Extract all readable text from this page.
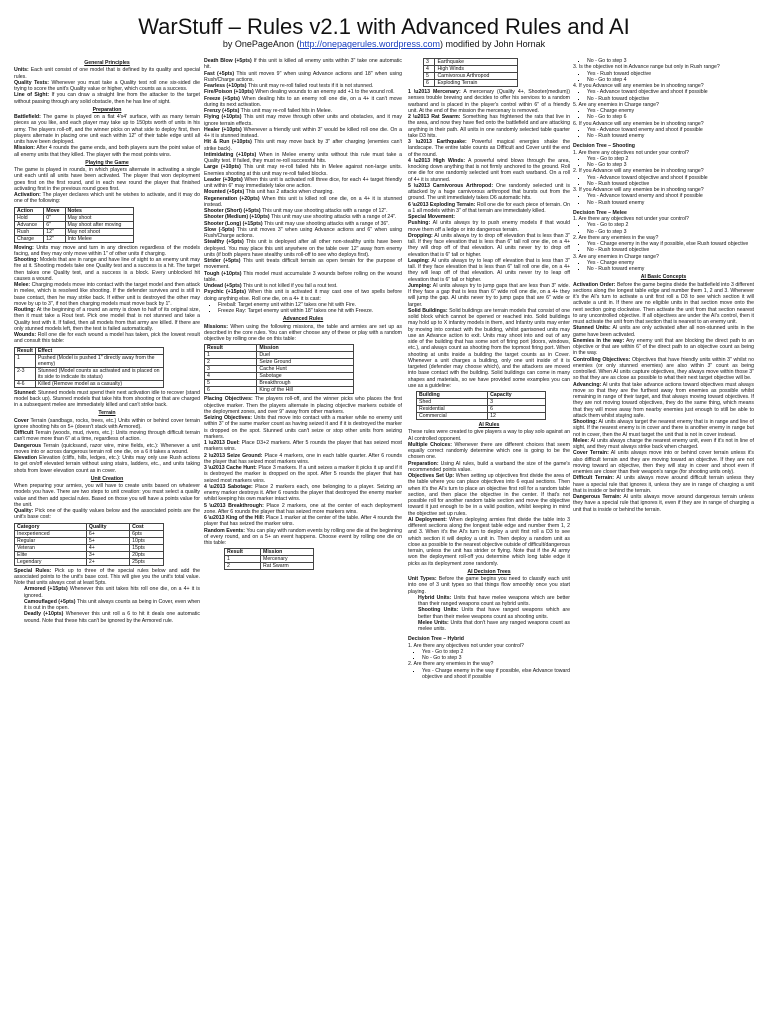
WarStuff – Rules v2.1 with Advanced Rules and AI
by OnePageAnon (http://onepagerules.wordpress.com) modified by John Hornak
General Principles

Units: Each unit consist of one model that is defined by its quality and special rules.

Quality Tests: Whenever you must take a Quality test roll one six-sided die trying to score the unit's Quality value or higher, which counts as a success.

Line of Sight: If you can draw a straight line from the attacker to the target without passing through any solid obstacle, then he has line of sight.

Preparation

Battlefield: The game is played on a flat 4'x4' surface, with as many terrain pieces as you like, and each player may take up to 150pts worth of units in his army. The players roll-off, and the winner picks on what side to deploy first, then players alternate in placing one unit each within 12" of their table edge until all units have been deployed.

Mission: After 4 rounds the game ends, and both players sum the point value of all enemy units that they killed. The player with the most points wins.

Playing the Game

The game is played in rounds, in which players alternate in activating a single unit each until all units have been activated. The player that won deployment goes first on the first round, and in each new round the player that finished activating first in the previous round goes first.

Activation: The player declares which unit he wishes to activate, and it may do one of the following:

Action	Move	Notes
Hold	0"	May shoot
Advance	6"	May shoot after moving
Rush	12"	May not shoot
Charge	12"	Into Melee

Moving: Units may move and turn in any direction regardless of the models facing, and they may only move within 1" of other units if charging.

Shooting: Models that are in range and have line of sight to an enemy unit may fire at it. Shooting models take one Quality test and a success is a hit. The target then takes one Quality test, and a success is a block. Every unblocked hit causes a wound.

Melee: Charging models move into contact with the target model and then attack in melee, which is resolved like shooting. If the defender survives and is still in base contact, then he may strike back. If either unit is destroyed the other may move by up to 3", if not then charging models must move back by 1".

Routing: At the beginning of a round an army is down to half of its original size, then it must take a Rout test. Pick one model that is not stunned and take a Quality test with it. If failed, then all models from that army are killed. If there are only stunned models left, then the test is failed automatically.

Wounds: Roll one die for each wound a model has taken, pick the lowest result and consult this table:

Result	Effect
1	Pushed (Model is pushed 1" directly away from the enemy)
2-3	Stunned (Model counts as activated and is placed on its side to indicate its status)
4-6	Killed (Remove model as a casualty)

Stunned: Stunned models must spend their next activation idle to recover (stand model back up). Stunned models that take hits from shooting or that are charged in a subsequent melee are immediately killed and can't strike back.

Terrain

Cover Terrain (sandbags, rocks, trees, etc.) Units within or behind cover terrain ignore shooting hits on 5+ (doesn't stack with Armored).

Difficult Terrain (woods, mud, rivers, etc.): Units moving through difficult terrain can't move more than 6" at a time, regardless of action.

Dangerous Terrain (quicksand, razor wire, mine fields, etc.): Whenever a unit moves into or across dangerous terrain roll one die, on a 6 it takes a wound.

Elevation Elevation (cliffs, hills, ledges, etc.): Units may only use Rush actions to get on/off elevated terrain without using stairs, ladders, etc., and units taking shots from lower elevation count as in cover.

Unit Creation

When preparing your armies, you will have to create units based on whatever models you have. There are two steps to unit creation: you must select a quality value and then add special rules. Based on those you will have a points value for the unit.

Quality: Pick one of the quality values below and the associated points are the unit's base cost:

Category	Quality	Cost
Inexperienced	6+	6pts
Regular	5+	10pts
Veteran	4+	15pts
Elite	3+	20pts
Legendary	2+	25pts

Special Rules: Pick up to three of the special rules below and add the associated points to the unit's base cost. This will give you the unit's total value. Note that units always cost at least 5pts.

Armored (+15pts) Whenever this unit takes hits roll one die, on a 4+ it is ignored.

Camouflaged (+5pts) This unit always counts as being in Cover, even when it is out in the open.

Deadly (+10pts) Whenever this unit roll a 6 to hit it deals one automatic wound. Note that these hits can't be ignored by the Armored rule.

Death Blow (+5pts) If this unit is killed all enemy units within 3" take one automatic hit.

Fast (+5pts) This unit moves 9" when using Advance actions and 18" when using Rush/Charge actions.

Fearless (+10pts) This unit may re-roll failed rout tests if it is not stunned.

Fire/Poison (+10pts) When dealing wounds to an enemy add +1 to the wound roll.

Freeze (+5pts) When dealing hits to an enemy roll one die, on a 4+ it can't move during its next activation.

Frenzy (+5pts) This unit may re-roll failed hits in Melee.

Flying (+10pts) This unit may move through other units and obstacles, and it may ignore terrain effects.

Healer (+10pts) Whenever a friendly unit within 3" would be killed roll one die. On a 4+ it is stunned instead.

Hit & Run (+10pts) This unit may move back by 3" after charging (enemies can't strike back).

Intimidating (+10pts) When in Melee enemy units without this rule must take a Quality test. If failed, they must re-roll successful hits.

Large (+10pts) This unit may re-roll failed hits in Melee against non-large units. Enemies shooting at this unit may re-roll failed blocks.

Leader (+30pts) When this unit is activated roll three dice, for each 4+ target friendly unit within 6" may immediately take one action.

Mounted (+5pts) This unit has 2 attacks when charging.

Regeneration (+20pts) When this unit is killed roll one die, on a 4+ it is stunned instead.

Shooter (Short) (+5pts) This unit may use shooting attacks with a range of 12".

Shooter (Medium) (+10pts) This unit may use shooting attacks with a range of 24".

Shooter (Long) (+15pts) This unit may use shooting attacks with a range of 36".

Slow (-5pts) This unit moves 3" when using Advance actions and 6" when using Rush/Charge actions.

Stealthy (+5pts) This unit is deployed after all other non-stealthy units have been deployed. You may place this unit anywhere on the table over 12" away from enemy units (if both players have stealthy units roll-off to see who deploys first).

Strider (+5pts) This unit treats difficult terrain as open terrain for the purpose of movement.

Tough (+10pts) This model must accumulate 3 wounds before rolling on the wound table.

Undead (+5pts) This unit is not killed if you fail a rout test.

Psychic (+15pts) When this unit is activated it may cast one of two spells before doing anything else. Roll one die, on a 4+ it is cast:

▪ Fireball: Target enemy unit within 12" takes one hit with Fire.
▪ Freeze Ray: Target enemy unit within 18" takes one hit with Freeze.
Advanced Rules

Missions: When using the following missions, the table and armies are set up as described in the core rules. You can either choose any of these or play with a random objective by rolling one die on this table:

Result	Mission
1	Duel
2	Seize Ground
3	Cache Hunt
4	Sabotage
5	Breakthrough
6	King of the Hill

Placing Objectives: The players roll-off, and the winner picks who places the first objective marker. Then the players alternate in placing objective markers outside of the deployment zones, and over 9" away from other markers.

Seizing Objectives: Units that move into contact with a marker while no enemy unit within 3" of the same marker count as having seized it and if it is destroyed the marker is dropped on the spot. Stunned units can't seize or stop other units from seizing markers.

1 \u2013 Duel: Place D3+2 markers. After 5 rounds the player that has seized most markers wins.

2 \u2013 Seize Ground: Place 4 markers, one in each table quarter. After 6 rounds the player that has seized most markers wins.

3 \u2013 Cache Hunt: Place 3 markers. If a unit seizes a marker it picks it up and if it is destroyed the marker is dropped on the spot. After 5 rounds the player that has seized most markers wins.

4 \u2013 Sabotage: Place 2 markers each, one belonging to a player. Seizing an enemy marker destroys it. After 6 rounds the player that destroyed the enemy marker whilst keeping his own marker intact wins.

5 \u2013 Breakthrough: Place 2 markers, one at the center of each deployment zone. After 6 rounds the player that has seized more markers wins.

6 \u2013 King of the Hill: Place 1 marker at the center of the table. After 4 rounds the player that has seized the marker wins.

Random Events: You can play with random events by rolling one die at the beginning of every round, and on a 5+ an event happens. Choose event by rolling one die on this table:

Result	Mission
1	Mercenary
2	Rat Swarm
3	Earthquake
4	High Winds
5	Carnivorous Arthropod
6	Exploding Terrain

1 \u2013 Mercenary: A mercenary (Quality 4+, Shooter(medium)) senses trouble brewing and decides to offer his services to a random warband and is placed in the player's control within 6" of a friendly unit. At the end of the mission the mercenary is removed.

2 \u2013 Rat Swarm: Something has frightened the rats that live in the area, and now they have fled onto the battlefield and are attacking anything in their path. All units in one randomly selected table quarter take D3 hits.

3 \u2013 Earthquake: Powerful magical energies shake the landscape. The entire table counts as Difficult and Cover until the end of the round.

4 \u2013 High Winds: A powerful wind blows through the area, knocking down anything that is not firmly anchored to the ground. Roll one die for one randomly selected unit from each warband. On a roll of 4+ it is stunned.

5 \u2013 Carnivorous Arthropod: One randomly selected unit is attacked by a huge carnivorous arthropod that bursts out from the ground. The unit immediately takes D6 automatic hits.

6 \u2013 Exploding Terrain: Roll one die for each piece of terrain. On a 1 all models within 3" of that terrain are immediately killed.

Special Movement:

Pushing: AI units always try to push enemy models if that would move them off a ledge or into dangerous terrain.

Dropping: AI units always try to drop off elevation that is less than 3" tall. If they face elevation that is less than 6" tall roll one die, on a 4+ they will drop off of that elevation. AI units never try to drop off elevation that is 6" tall or higher.

Leaping: AI units always try to leap off elevation that is less than 3" tall. If they face elevation that is less than 6" tall roll one die, on a 4+ they will leap off of that elevation. AI units never try to leap off elevation that is 6" tall or higher.

Jumping: AI units always try to jump gaps that are less than 3" wide. If they face a gap that is less than 6" wide roll one die, on a 4+ they will jump the gap. AI units never try to jump gaps that are 6" wide or larger.

Solid Buildings: Solid buildings are terrain models that consist of one solid block which cannot be opened or reached into. Solid buildings may hold up to X infantry models in them, and Infantry units may enter by moving into contact with the building, whilst garrisoned units may use an Advance action to exit. Units may shoot into and out of any side of the building that has some sort of firing port (doors, windows, etc.), and always count as shooting from the topmost firing port. When shooting at units inside a building the target counts as in Cover. Whenever a unit charges a building, only one unit inside of it is targeted (defender may choose which), and the attackers are moved into base contact with the building. Solid buildings can come in many shapes and materials, so we have provided some examples you can use as a guideline:

Building	Capacity
Shed	3
Residential	6
Commercial	12
AI Rules

These rules were created to give players a way to play solo against an AI controlled opponent.

Multiple Choices: Whenever there are different choices that seem equally correct randomly determine which one is going to be the chosen one.

Preparation: Using AI rules, build a warband the size of the game's recommended points value.

Objectives Set Up: When setting up objectives first divide the area of the table where you can place objectives into 6 equal sections. Then when it's the AI's turn to place an objective first roll for a random table section, and then place the objective in the center. If that's not possible roll for another random table section and move the objective toward it just enough to be in a valid position, whilst keeping in mind the objective set up rules.

AI Deployment: When deploying armies first divide the table into 3 different sections along the longest table edge and number them 1, 2 and 3. When it's the AI's turn to deploy a unit first roll a D3 to see which section it will deploy a unit in. Then deploy a random unit as close as possible to the nearest objective outside of difficult/dangerous terrain, unless the unit has strider or flying. Note that if the AI army won the deployment roll-off you determine which long table edge it picks as its deployment zone randomly.

AI Decision Trees

Unit Types: Before the game begins you need to classify each unit into one of 3 unit types so that things flow smoothly once you start playing.

Hybrid Units: Units that have melee weapons which are better than their ranged weapons count as hybrid units.

Shooting Units: Units that have ranged weapons which are better than their melee weapons count as shooting units.

Melee Units: Units that don't have any ranged weapons count as melee units.

Decision Tree – Hybrid

1. Are there any objectives not under your control?

▪ Yes - Go to step 2
▪ No - Go to step 3

2. Are there any enemies in the way?

▪ Yes - Charge enemy in the way if possible, else Advance toward objective and shoot if possible
▪ No - Go to step 3

3. Is the objective not in Advance range but only in Rush range?

▪ Yes - Rush toward objective
▪ No - Go to step 4

4. If you Advance will any enemies be in shooting range?

▪ Yes - Advance toward objective and shoot if possible
▪ No - Rush toward objective

5. Are any enemies in Charge range?

▪ Yes - Charge enemy
▪ No - Go to step 6

6. If you Advance will any enemies be in shooting range?

▪ Yes - Advance toward enemy and shoot if possible
▪ No - Rush toward enemy

Decision Tree – Shooting

1. Are there any objectives not under your control?

▪ Yes - Go to step 2
▪ No - Go to step 3

2. If you Advance will any enemies be in shooting range?

▪ Yes - Advance toward objective and shoot if possible
▪ No - Rush toward objective

3. If you Advance will any enemies be in shooting range?

▪ Yes - Advance toward enemy and shoot if possible
▪ No - Rush toward enemy

Decision Tree – Melee

1. Are there any objectives not under your control?

▪ Yes - Go to step 2
▪ No - Go to step 3

2. Are there any enemies in the way?

▪ Yes - Charge enemy in the way if possible, else Rush toward objective
▪ No - Rush toward objective

3. Are any enemies in Charge range?

▪ Yes - Charge enemy
▪ No - Rush toward enemy
AI Basic Concepts

Activation Order: Before the game begins divide the battlefield into 3 different sections along the longest table edge and number them 1, 2 and 3. Whenever it's the AI's turn to activate a unit first roll a D3 to see which section it will activate a unit in. If there are no eligible units in that section move onto the next section going clockwise. Then activate the unit from that section nearest to any uncontrolled objective. If all objectives are under the AI's control, then it must activate the unit from that section that is nearest to an enemy unit.

Stunned Units: AI units are only activated after all non-stunned units in the game have been activated.

Enemies in the way: Any enemy unit that are blocking the direct path to an objective or that are within 6" of the direct path to an objective count as being in the way.

Controlling Objectives: Objectives that have friendly units within 3" whilst no enemies (or only stunned enemies) are also within 3" count as being controlled. When AI units capture objectives, they always move within those 3" so that they are as close as possible to what their next target objective will be.

Advancing: AI units that take advance actions toward objectives must always move so that they are the furthest away from enemies as possible whilst remaining in range of their target, and that always moving toward objectives. If they are not moving toward objectives, they do the same thing, which means that they will move away from nearby enemies just enough to still be able to attack them whilst staying safe.

Shooting: AI units always target the nearest enemy that is in range and line of sight. If the nearest enemy is in cover and there is another enemy in range but not in cover, then the AI must target the unit that is not in cover instead.

Melee: AI units always charge the nearest enemy unit, even if it's not in line of sight, and they must always strike back when charged.

Cover Terrain: AI units always move into or behind cover terrain unless it's also difficult terrain and they are moving toward an objective. If they are not moving toward an objective, then they will stay in cover and shoot even if enemies are closer than their weapon's range (for shooting units only).

Difficult Terrain: AI units always move around difficult terrain unless they have a special rule that ignores it, unless they are in range of charging a unit that is inside or behind the terrain.

Dangerous Terrain: AI units always move around dangerous terrain unless they have a special rule that ignores it, even if they are in range of charging a unit that is inside or behind the terrain.
